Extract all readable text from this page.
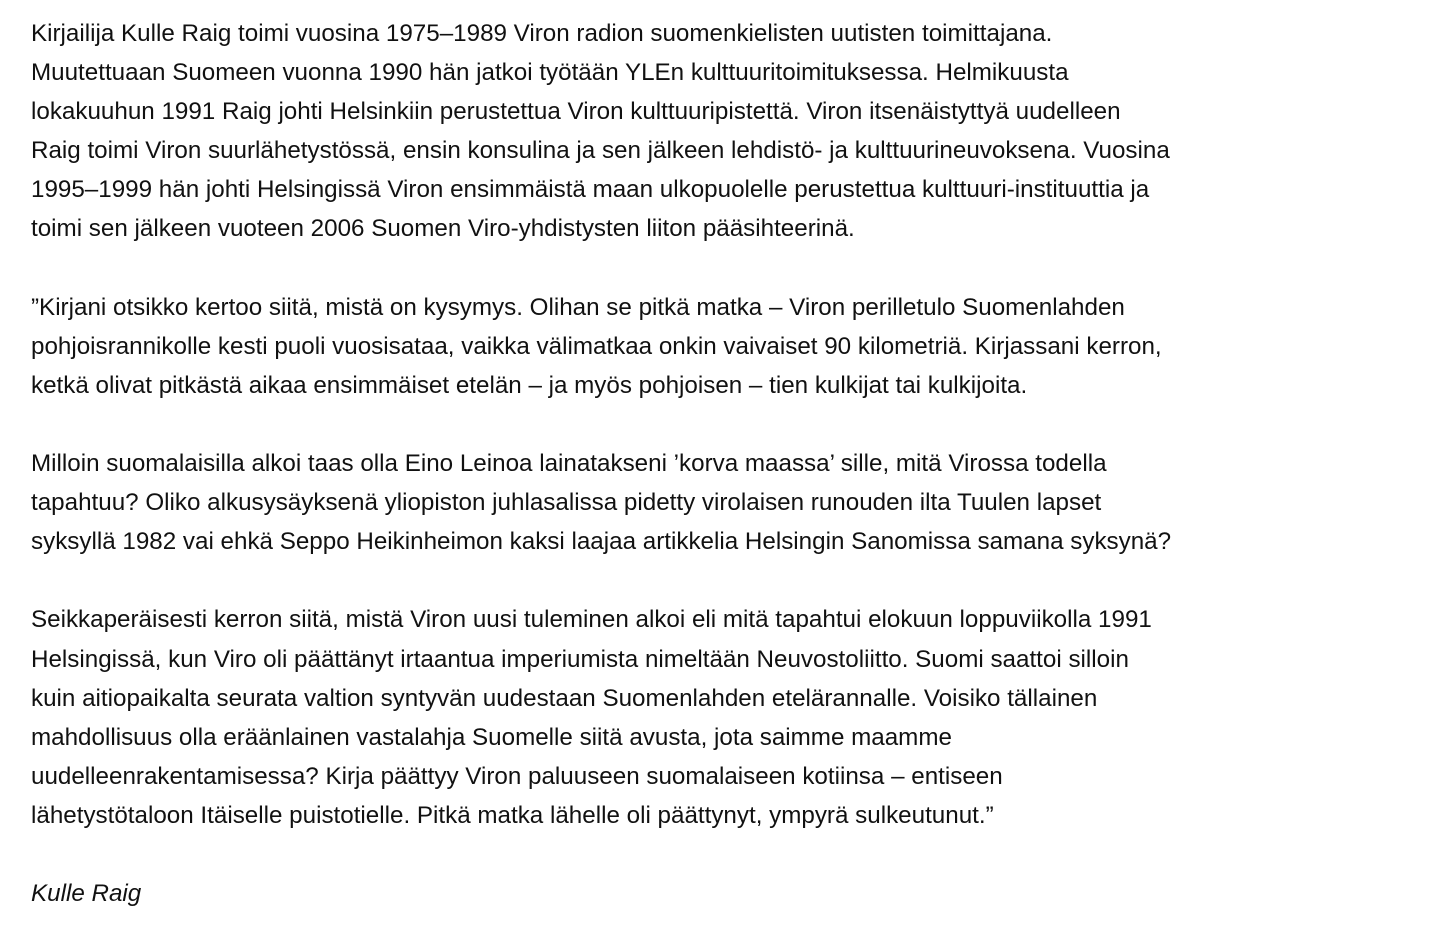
Kirjailija Kulle Raig toimi vuosina 1975–1989 Viron radion suomenkielisten uutisten toimittajana.
Muutettuaan Suomeen vuonna 1990 hän jatkoi työtään YLEn kulttuuritoimituksessa. Helmikuusta
lokakuuhun 1991 Raig johti Helsinkiin perustettua Viron kulttuuripistettä. Viron itsenäistyttyä uudelleen
Raig toimi Viron suurlähetystössä, ensin konsulina ja sen jälkeen lehdistö- ja kulttuurineuvoksena. Vuosina
1995–1999 hän johti Helsingissä Viron ensimmäistä maan ulkopuolelle perustettua kulttuuri-instituuttia ja
toimi sen jälkeen vuoteen 2006 Suomen Viro-yhdistysten liiton pääsihteerinä.

”Kirjani otsikko kertoo siitä, mistä on kysymys. Olihan se pitkä matka – Viron perilletulo Suomenlahden
pohjoisrannikolle kesti puoli vuosisataa, vaikka välimatkaa onkin vaivaiset 90 kilometriä. Kirjassani kerron,
ketkä olivat pitkästä aikaa ensimmäiset etelän – ja myös pohjoisen – tien kulkijat tai kulkijoita.

Milloin suomalaisilla alkoi taas olla Eino Leinoa lainatakseni ’korva maassa’ sille, mitä Virossa todella
tapahtuu? Oliko alkusysäyksenä yliopiston juhlasalissa pidetty virolaisen runouden ilta Tuulen lapset
syksyllä 1982 vai ehkä Seppo Heikinheimon kaksi laajaa artikkelia Helsingin Sanomissa samana syksynä?

Seikkaperäisesti kerron siitä, mistä Viron uusi tuleminen alkoi eli mitä tapahtui elokuun loppuviikolla 1991
Helsingissä, kun Viro oli päättänyt irtaantua imperiumista nimeltään Neuvostoliitto. Suomi saattoi silloin
kuin aitiopaikalta seurata valtion syntyvän uudestaan Suomenlahden etelärannalle. Voisiko tällainen
mahdollisuus olla eräänlainen vastalahja Suomelle siitä avusta, jota saimme maamme
uudelleenrakentamisessa? Kirja päättyy Viron paluuseen suomalaiseen kotiinsa – entiseen
lähetystötaloon Itäiselle puistotielle. Pitkä matka lähelle oli päättynyt, ympyrä sulkeutunut.”

Kulle Raig
